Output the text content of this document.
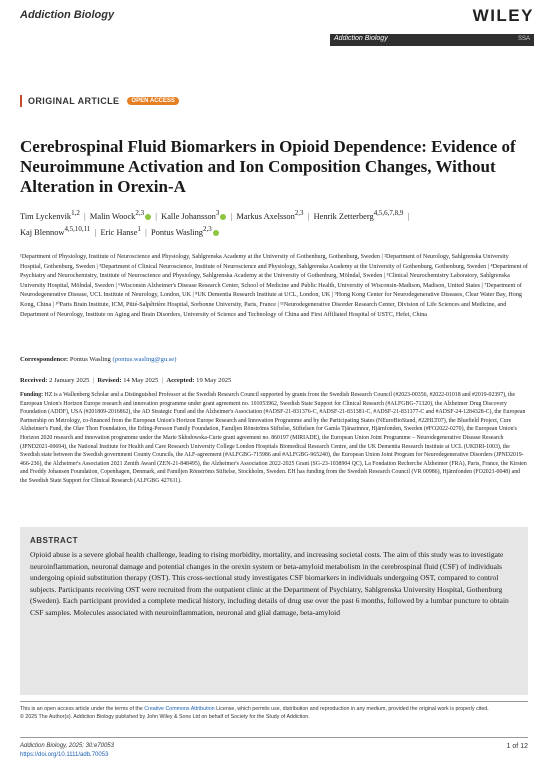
Addiction Biology	WILEY
Addiction Biology	SSA
ORIGINAL ARTICLE	OPEN ACCESS
Cerebrospinal Fluid Biomarkers in Opioid Dependence: Evidence of Neuroimmune Activation and Ion Composition Changes, Without Alteration in Orexin-A
Tim Lyckenvik$^{1,2}$  |  Malin Woock$^{2,3}$  |  Kalle Johansson$^3$  |  Markus Axelsson$^{2,3}$  |  Henrik Zetterberg$^{4,5,6,7,8,9}$  |
Kaj Blennow$^{4,5,10,11}$  |  Eric Hanse$^1$  |  Pontus Wasling$^{2,3}$
¹Department of Physiology, Institute of Neuroscience and Physiology, Sahlgrenska Academy at the University of Gothenburg, Gothenburg, Sweden | ²Department of Neurology, Sahlgrenska University Hospital, Gothenburg, Sweden | ³Department of Clinical Neuroscience, Institute of Neuroscience and Physiology, Sahlgrenska Academy at the University of Gothenburg, Gothenburg, Sweden | ⁴Department of Psychiatry and Neurochemistry, Institute of Neuroscience and Physiology, Sahlgrenska Academy at the University of Gothenburg, Mölndal, Sweden | ⁵Clinical Neurochemistry Laboratory, Sahlgrenska University Hospital, Mölndal, Sweden | ⁶Wisconsin Alzheimer's Disease Research Center, School of Medicine and Public Health, University of Wisconsin-Madison, Madison, United States | ⁷Department of Neurodegenerative Disease, UCL Institute of Neurology, London, UK | ⁸UK Dementia Research Institute at UCL, London, UK | ⁹Hong Kong Center for Neurodegenerative Diseases, Clear Water Bay, Hong Kong, China | ¹⁰Paris Brain Institute, ICM, Pitié-Salpêtrière Hospital, Sorbonne University, Paris, France | ¹¹Neurodegenerative Disorder Research Center, Division of Life Sciences and Medicine, and Department of Neurology, Institute on Aging and Brain Disorders, University of Science and Technology of China and First Affiliated Hospital of USTC, Hefei, China
Correspondence: Pontus Wasling (pontus.wasling@gu.se)
Received: 2 January 2025  |  Revised: 14 May 2025  |  Accepted: 19 May 2025
Funding: HZ is a Wallenberg Scholar and a Distinguished Professor at the Swedish Research Council supported by grants from the Swedish Research Council (#2023-00356, #2022-01018 and #2019-02397), the European Union's Horizon Europe research and innovation programme under grant agreement no. 101053962, Swedish State Support for Clinical Research (#ALFGBG-71320), the Alzheimer Drug Discovery Foundation (ADDF), USA (#201809-2016862), the AD Strategic Fund and the Alzheimer's Association (#ADSF-21-831376-C, #ADSF-21-831381-C, #ADSF-21-831377-C and #ADSF-24-1284328-C), the European Partnership on Metrology, co-financed from the European Union's Horizon Europe Research and Innovation Programme and by the Participating States (NEuroBioStand, #22HLT07), the Bluefield Project, Cure Alzheimer's Fund, the Olav Thon Foundation, the Erling-Persson Family Foundation, Familjen Rönströms Stiftelse, Stiftelsen for Gamla Tjänarinnor, Hjärnfonden, Sweden (#FO2022-0270), the European Union's Horizon 2020 research and innovation programme under the Marie Skłodowska-Curie grant agreement no. 860197 (MIRIADE), the European Union Joint Programme – Neurodegenerative Disease Research (JPND2021-00694), the National Institute for Health and Care Research University College London Hospitals Biomedical Research Centre, and the UK Dementia Research Institute at UCL (UKDRI-1003), the Swedish state between the Swedish government County Councils, the ALF-agreement (#ALFGBG-715986 and #ALFGBG-965240), the European Union Joint Program for Neurodegenerative Disorders (JPND2019-466-236), the Alzheimer's Association 2021 Zenith Award (ZEN-21-848495), the Alzheimer's Association 2022-2025 Grant (SG-23-1038904 QC), La Fondation Recherche Alzheimer (FRA), Paris, France, the Kirsten and Freddy Johansen Foundation, Copenhagen, Denmark, and Familjen Rönströms Stiftelse, Stockholm, Sweden. EH has funding from the Swedish Research Council (VR 00986), Hjärnfonden (FO2021-0048) and the Swedish State Support for Clinical Research (ALFGBG 427611).
ABSTRACT
Opioid abuse is a severe global health challenge, leading to rising morbidity, mortality, and increasing societal costs. The aim of this study was to investigate neuroinflammation, neuronal damage and potential changes in the orexin system or beta-amyloid metabolism in the cerebrospinal fluid (CSF) of individuals undergoing opioid substitution therapy (OST). This cross-sectional study investigates CSF biomarkers in individuals undergoing OST, compared to control subjects. Participants receiving OST were recruited from the outpatient clinic at the Department of Psychiatry, Sahlgrenska University Hospital, Gothenburg (Sweden). Each participant provided a complete medical history, including details of drug use over the past 6 months, followed by a lumbar puncture to obtain CSF samples. Molecules associated with neuroinflammation, neuronal and glial damage, beta-amyloid
This is an open access article under the terms of the Creative Commons Attribution License, which permits use, distribution and reproduction in any medium, provided the original work is properly cited.
© 2025 The Author(s). Addiction Biology published by John Wiley & Sons Ltd on behalf of Society for the Study of Addiction.
Addiction Biology, 2025; 30:e70053
https://doi.org/10.1111/adb.70053
1 of 12
